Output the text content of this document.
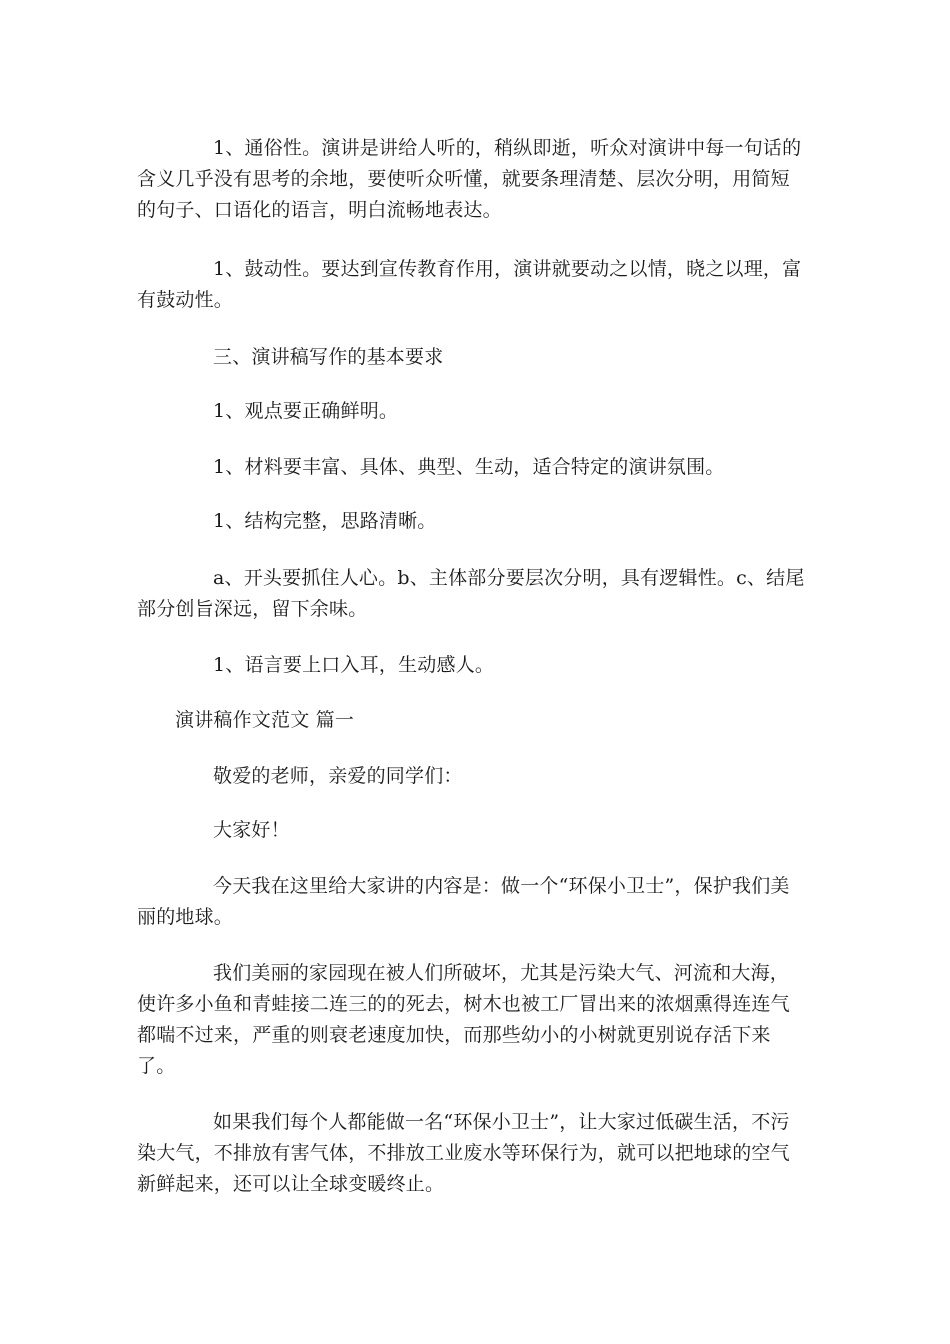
1、通俗性。演讲是讲给人听的，稍纵即逝，听众对演讲中每一句话的含义几乎没有思考的余地，要使听众听懂，就要条理清楚、层次分明，用简短的句子、口语化的语言，明白流畅地表达。

1、鼓动性。要达到宣传教育作用，演讲就要动之以情，晓之以理，富有鼓动性。

三、演讲稿写作的基本要求

1、观点要正确鲜明。

1、材料要丰富、具体、典型、生动，适合特定的演讲氛围。

1、结构完整，思路清晰。

a、开头要抓住人心。b、主体部分要层次分明，具有逻辑性。c、结尾部分创旨深远，留下余味。

1、语言要上口入耳，生动感人。

演讲稿作文范文 篇一

敬爱的老师，亲爱的同学们：

大家好！

今天我在这里给大家讲的内容是：做一个“环保小卫士”，保护我们美丽的地球。

我们美丽的家园现在被人们所破坏，尤其是污染大气、河流和大海，使许多小鱼和青蛙接二连三的的死去，树木也被工厂冒出来的浓烟熏得连连气都喘不过来，严重的则衰老速度加快，而那些幼小的小树就更别说存活下来了。

如果我们每个人都能做一名“环保小卫士”，让大家过低碳生活，不污染大气，不排放有害气体，不排放工业废水等环保行为，就可以把地球的空气新鲜起来，还可以让全球变暖终止。
